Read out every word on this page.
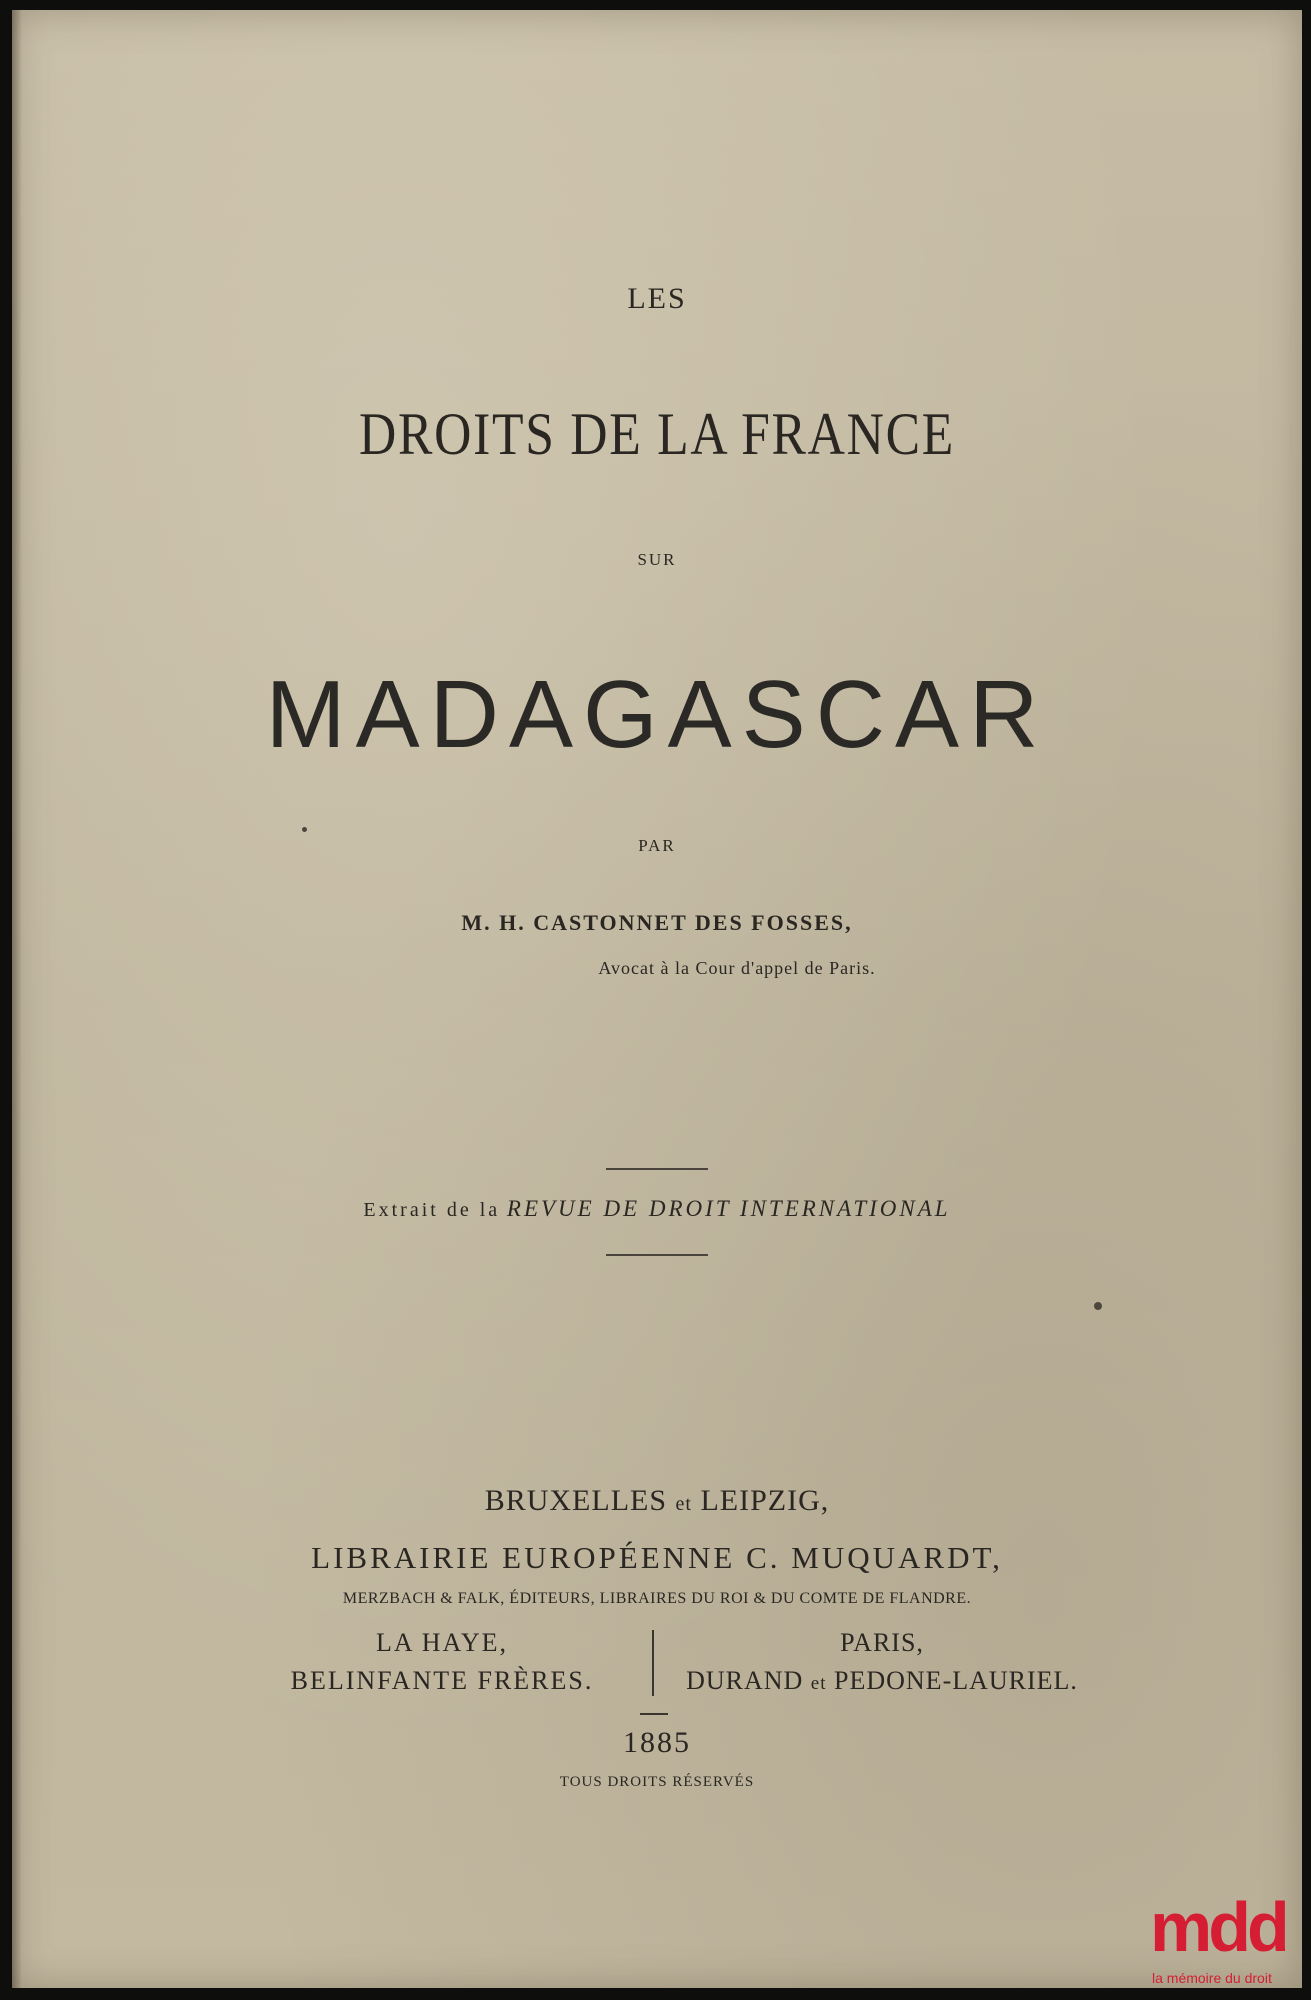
LES
DROITS DE LA FRANCE
SUR
MADAGASCAR
PAR
M. H. CASTONNET DES FOSSES,
Avocat à la Cour d'appel de Paris.
Extrait de la REVUE DE DROIT INTERNATIONAL
BRUXELLES et LEIPZIG,
LIBRAIRIE EUROPÉENNE C. MUQUARDT,
MERZBACH & FALK, ÉDITEURS, LIBRAIRES DU ROI & DU COMTE DE FLANDRE.
LA HAYE,
BELINFANTE FRÈRES.
PARIS,
DURAND et PEDONE-LAURIEL.
1885
TOUS DROITS RÉSERVÉS
mdd
la mémoire du droit
